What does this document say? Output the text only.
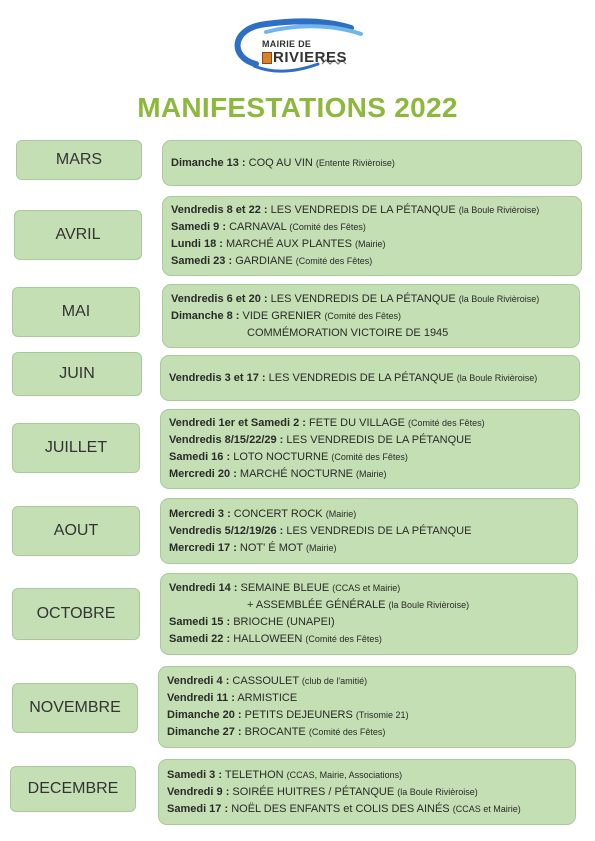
MAIRIE DE
RIVIERES
MANIFESTATIONS 2022
MARS	Dimanche 13 : COQ AU VIN (Entente Rivièroise)
AVRIL
Vendredis 8 et 22 : LES VENDREDIS DE LA PÉTANQUE (la Boule Rivièroise)
Samedi 9 : CARNAVAL (Comité des Fêtes)
Lundi 18 : MARCHÉ AUX PLANTES (Mairie)
Samedi 23 : GARDIANE (Comité des Fêtes)
MAI
Vendredis 6 et 20 : LES VENDREDIS DE LA PÉTANQUE (la Boule Rivièroise)
Dimanche 8 : VIDE GRENIER (Comité des Fêtes)
COMMÉMORATION VICTOIRE DE 1945
JUIN	Vendredis 3 et 17 : LES VENDREDIS DE LA PÉTANQUE (la Boule Rivièroise)
JUILLET
Vendredi 1er et Samedi 2 : FETE DU VILLAGE (Comité des Fêtes)
Vendredis 8/15/22/29 : LES VENDREDIS DE LA PÉTANQUE
Samedi 16 : LOTO NOCTURNE (Comité des Fêtes)
Mercredi 20 : MARCHÉ NOCTURNE (Mairie)
AOUT
Mercredi 3 : CONCERT ROCK (Mairie)
Vendredis 5/12/19/26 : LES VENDREDIS DE LA PÉTANQUE
Mercredi 17 : NOT' É MOT (Mairie)
OCTOBRE
Vendredi 14 : SEMAINE BLEUE (CCAS et Mairie)
+ ASSEMBLÉE GÉNÉRALE (la Boule Rivièroise)
Samedi 15 : BRIOCHE (UNAPEI)
Samedi 22 : HALLOWEEN (Comité des Fêtes)
NOVEMBRE
Vendredi 4 : CASSOULET (club de l'amitié)
Vendredi 11 : ARMISTICE
Dimanche 20 : PETITS DEJEUNERS (Trisomie 21)
Dimanche 27 : BROCANTE (Comité des Fêtes)
DECEMBRE
Samedi 3 : TELETHON (CCAS, Mairie, Associations)
Vendredi 9 : SOIRÉE HUITRES / PÉTANQUE (la Boule Rivièroise)
Samedi 17 : NOËL DES ENFANTS et COLIS DES AINÉS (CCAS et Mairie)
